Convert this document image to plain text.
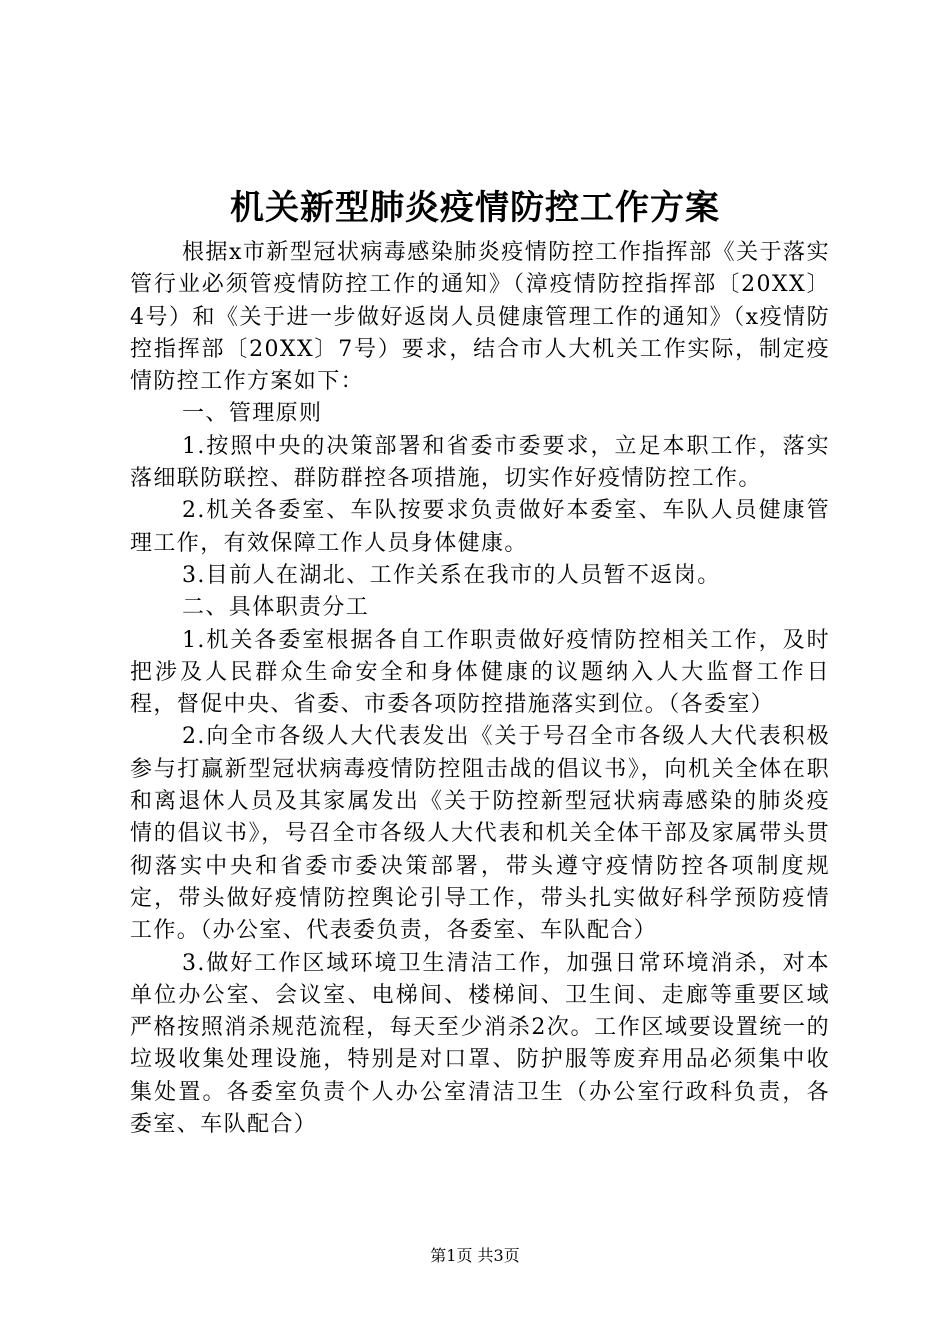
机关新型肺炎疫情防控工作方案

根据x市新型冠状病毒感染肺炎疫情防控工作指挥部《关于落实管行业必须管疫情防控工作的通知》（漳疫情防控指挥部〔20XX〕4号）和《关于进一步做好返岗人员健康管理工作的通知》（x疫情防控指挥部〔20XX〕7号）要求，结合市人大机关工作实际，制定疫情防控工作方案如下：

一、管理原则

1.按照中央的决策部署和省委市委要求，立足本职工作，落实落细联防联控、群防群控各项措施，切实作好疫情防控工作。

2.机关各委室、车队按要求负责做好本委室、车队人员健康管理工作，有效保障工作人员身体健康。

3.目前人在湖北、工作关系在我市的人员暂不返岗。

二、具体职责分工

1.机关各委室根据各自工作职责做好疫情防控相关工作，及时把涉及人民群众生命安全和身体健康的议题纳入人大监督工作日程，督促中央、省委、市委各项防控措施落实到位。（各委室）

2.向全市各级人大代表发出《关于号召全市各级人大代表积极参与打赢新型冠状病毒疫情防控阻击战的倡议书》，向机关全体在职和离退休人员及其家属发出《关于防控新型冠状病毒感染的肺炎疫情的倡议书》，号召全市各级人大代表和机关全体干部及家属带头贯彻落实中央和省委市委决策部署，带头遵守疫情防控各项制度规定，带头做好疫情防控舆论引导工作，带头扎实做好科学预防疫情工作。（办公室、代表委负责，各委室、车队配合）

3.做好工作区域环境卫生清洁工作，加强日常环境消杀，对本单位办公室、会议室、电梯间、楼梯间、卫生间、走廊等重要区域严格按照消杀规范流程，每天至少消杀2次。工作区域要设置统一的垃圾收集处理设施，特别是对口罩、防护服等废弃用品必须集中收集处置。各委室负责个人办公室清洁卫生（办公室行政科负责，各委室、车队配合）

第1页 共3页
